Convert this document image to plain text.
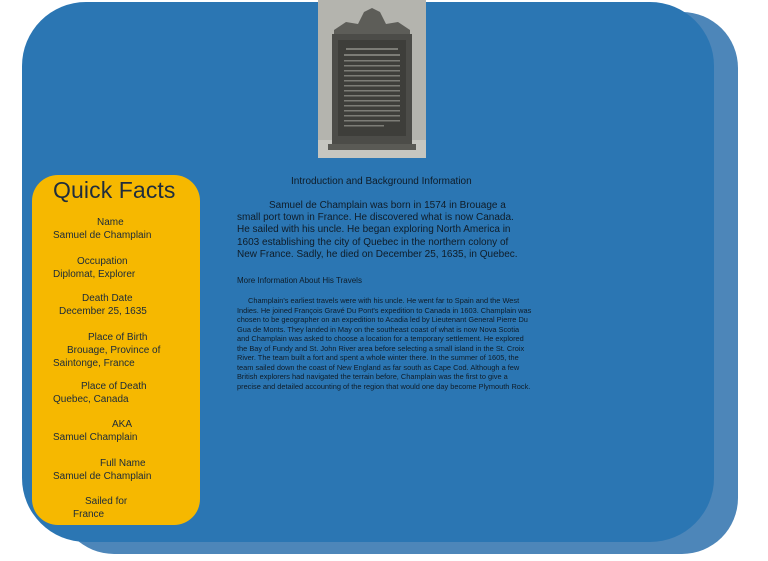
Quick Facts
Name
Samuel de Champlain
Occupation
Diplomat, Explorer
Death Date
December 25, 1635
Place of Birth
Brouage, Province of Saintonge, France
Place of Death
Quebec, Canada
AKA
Samuel Champlain
Full Name
Samuel de Champlain
Sailed for
France
Introduction and Background Information
Samuel de Champlain was born in 1574 in Brouage a small port town in France. He discovered what is now Canada. He sailed with his uncle. He began exploring North America in 1603 establishing the city of Quebec in the northern colony of New France. Sadly, he died on December 25, 1635, in Quebec.
More Information About His Travels
Champlain's earliest travels were with his uncle. He went far to Spain and the West Indies. He joined François Gravé Du Pont's expedition to Canada in 1603. Champlain was chosen to be geographer on an expedition to Acadia led by Lieutenant General Pierre Du Gua de Monts. They landed in May on the southeast coast of what is now Nova Scotia and Champlain was asked to choose a location for a temporary settlement. He explored the Bay of Fundy and St. John River area before selecting a small island in the St. Croix River. The team built a fort and spent a whole winter there. In the summer of 1605, the team sailed down the coast of New England as far south as Cape Cod. Although a few British explorers had navigated the terrain before, Champlain was the first to give a precise and detailed accounting of the region that would one day become Plymouth Rock.
